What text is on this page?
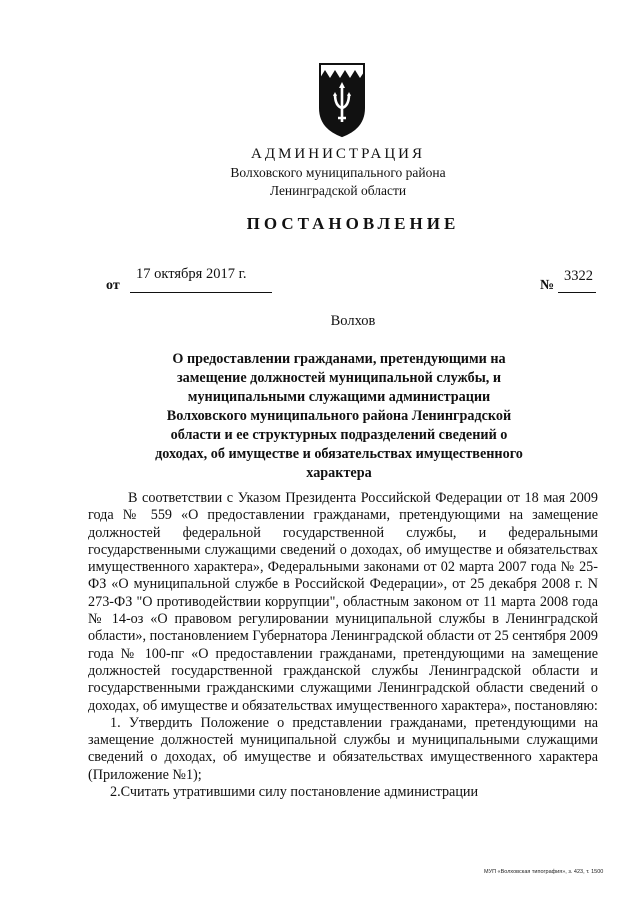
АДМИНИСТРАЦИЯ
Волховского муниципального района
Ленинградской области
ПОСТАНОВЛЕНИЕ
от
17 октября 2017 г.
№
3322
Волхов
О предоставлении гражданами, претендующими на замещение должностей муниципальной службы, и муниципальными служащими администрации Волховского муниципального района Ленинградской области и ее структурных подразделений сведений о доходах, об имуществе и обязательствах имущественного характера

В соответствии с Указом Президента Российской Федерации от 18 мая 2009 года № 559 «О предоставлении гражданами, претендующими на замещение должностей федеральной государственной службы, и федеральными государственными служащими сведений о доходах, об имуществе и обязательствах имущественного характера», Федеральными законами от 02 марта 2007 года № 25-ФЗ «О муниципальной службе в Российской Федерации», от 25 декабря 2008 г. N 273-ФЗ "О противодействии коррупции", областным законом от 11 марта 2008 года № 14-оз «О правовом регулировании муниципальной службы в Ленинградской области», постановлением Губернатора Ленинградской области от 25 сентября 2009 года № 100-пг «О предоставлении гражданами, претендующими на замещение должностей государственной гражданской службы Ленинградской области и государственными гражданскими служащими Ленинградской области сведений о доходах, об имуществе и обязательствах имущественного характера», постановляю:

1. Утвердить Положение о представлении гражданами, претендующими на замещение должностей муниципальной службы и муниципальными служащими сведений о доходах, об имуществе и обязательствах имущественного характера (Приложение №1);

2.Считать утратившими силу постановление администрации

МУП «Волховская типография», з. 423, т. 1500
